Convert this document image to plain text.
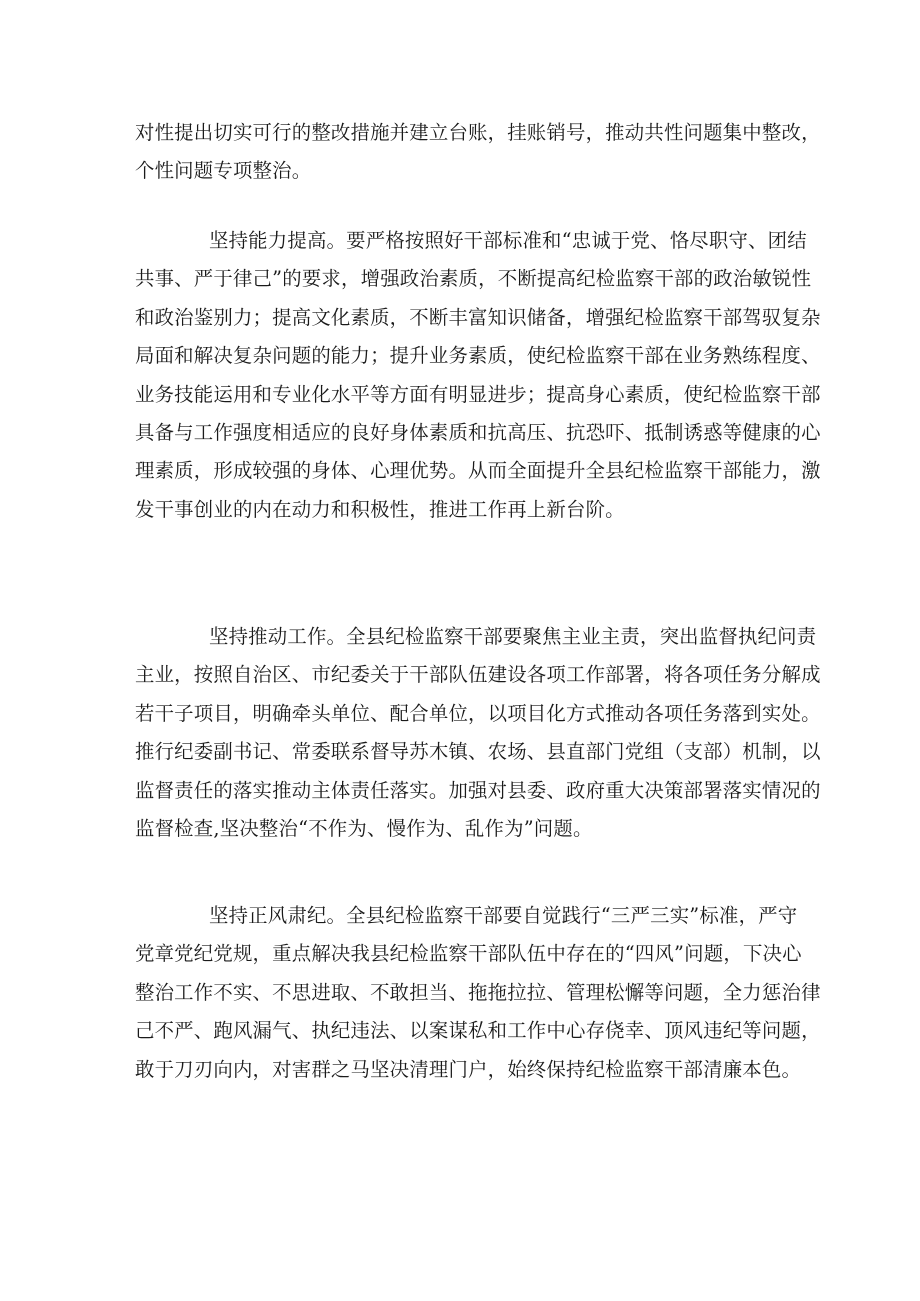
对性提出切实可行的整改措施并建立台账，挂账销号，推动共性问题集中整改，
个性问题专项整治。

坚持能力提高。要严格按照好干部标准和“忠诚于党、恪尽职守、团结
共事、严于律己”的要求，增强政治素质，不断提高纪检监察干部的政治敏锐性
和政治鉴别力；提高文化素质，不断丰富知识储备，增强纪检监察干部驾驭复杂
局面和解决复杂问题的能力；提升业务素质，使纪检监察干部在业务熟练程度、
业务技能运用和专业化水平等方面有明显进步；提高身心素质，使纪检监察干部
具备与工作强度相适应的良好身体素质和抗高压、抗恐吓、抵制诱惑等健康的心
理素质，形成较强的身体、心理优势。从而全面提升全县纪检监察干部能力，激
发干事创业的内在动力和积极性，推进工作再上新台阶。

坚持推动工作。全县纪检监察干部要聚焦主业主责，突出监督执纪问责
主业，按照自治区、市纪委关于干部队伍建设各项工作部署，将各项任务分解成
若干子项目，明确牵头单位、配合单位，以项目化方式推动各项任务落到实处。
推行纪委副书记、常委联系督导苏木镇、农场、县直部门党组（支部）机制，以
监督责任的落实推动主体责任落实。加强对县委、政府重大决策部署落实情况的
监督检查,坚决整治“不作为、慢作为、乱作为”问题。

坚持正风肃纪。全县纪检监察干部要自觉践行“三严三实”标准，严守
党章党纪党规，重点解决我县纪检监察干部队伍中存在的“四风”问题，下决心
整治工作不实、不思进取、不敢担当、拖拖拉拉、管理松懈等问题，全力惩治律
己不严、跑风漏气、执纪违法、以案谋私和工作中心存侥幸、顶风违纪等问题，
敢于刀刃向内，对害群之马坚决清理门户，始终保持纪检监察干部清廉本色。
